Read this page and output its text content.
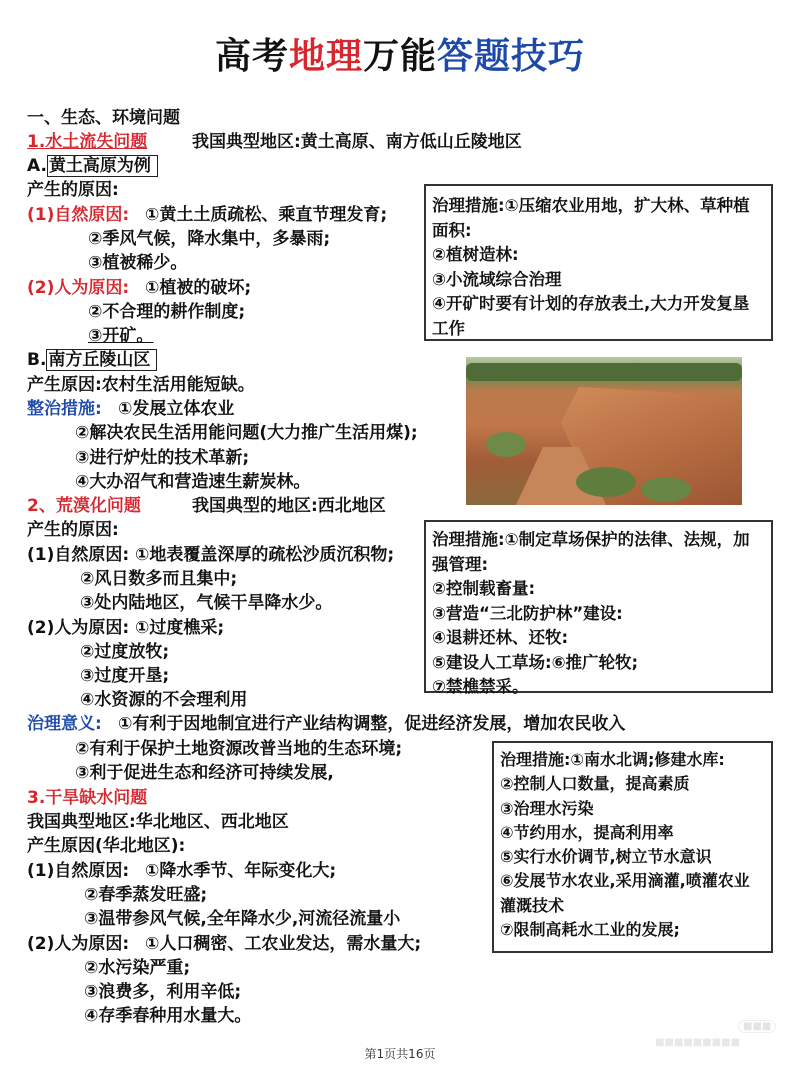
高考地理万能答题技巧
一、生态、环境问题
1.水土流失问题	我国典型地区:黄土高原、南方低山丘陵地区
A. 黄土高原为例
产生的原因:
(1)自然原因: ①黄土土质疏松、乘直节理发育;
②季风气候，降水集中，多暴雨;
③植被稀少。
(2)人为原因: ①植被的破坏;
②不合理的耕作制度;
③开矿。
治理措施:①压缩农业用地，扩大林、草种植面积:
②植树造林:
③小流域综合治理
④开矿时要有计划的存放表土,大力开发复垦工作
B. 南方丘陵山区
产生原因:农村生活用能短缺。
整治措施: ①发展立体农业
②解决农民生活用能问题(大力推广生活用煤);
③进行炉灶的技术革新;
④大办沼气和营造速生薪炭林。
2、荒漠化问题	我国典型的地区:西北地区
产生的原因:
(1)自然原因: ①地表覆盖深厚的疏松沙质沉积物;
②风日数多而且集中;
③处内陆地区，气候干旱降水少。
(2)人为原因: ①过度樵采;
②过度放牧;
③过度开垦;
④水资源的不会理利用
治理措施:①制定草场保护的法律、法规，加强管理:
②控制载畜量:
③营造“三北防护林”建设:
④退耕还林、还牧:
⑤建设人工草场:⑥推广轮牧;
⑦禁樵禁采。
治理意义: ①有利于因地制宜进行产业结构调整，促进经济发展，增加农民收入
②有利于保护土地资源改普当地的生态环境;
③利于促进生态和经济可持续发展,
3.干旱缺水问题
我国典型地区:华北地区、西北地区
产生原因(华北地区):
(1)自然原因: ①降水季节、年际变化大;
②春季蒸发旺盛;
③温带参风气候,全年降水少,河流径流量小
(2)人为原因: ①人口稠密、工农业发达，需水量大;
②水污染严重;
③浪费多，利用辛低;
④存季春种用水量大。
治理措施:①南水北调;修建水库:
②控制人口数量，提高素质
③治理水污染
④节约用水，提高利用率
⑤实行水价调节,树立节水意识
⑥发展节水农业,采用滴灌,喷灌农业灌溉技术
⑦限制高耗水工业的发展;
第1页共16页
​■■■
■■■■■■■■■
